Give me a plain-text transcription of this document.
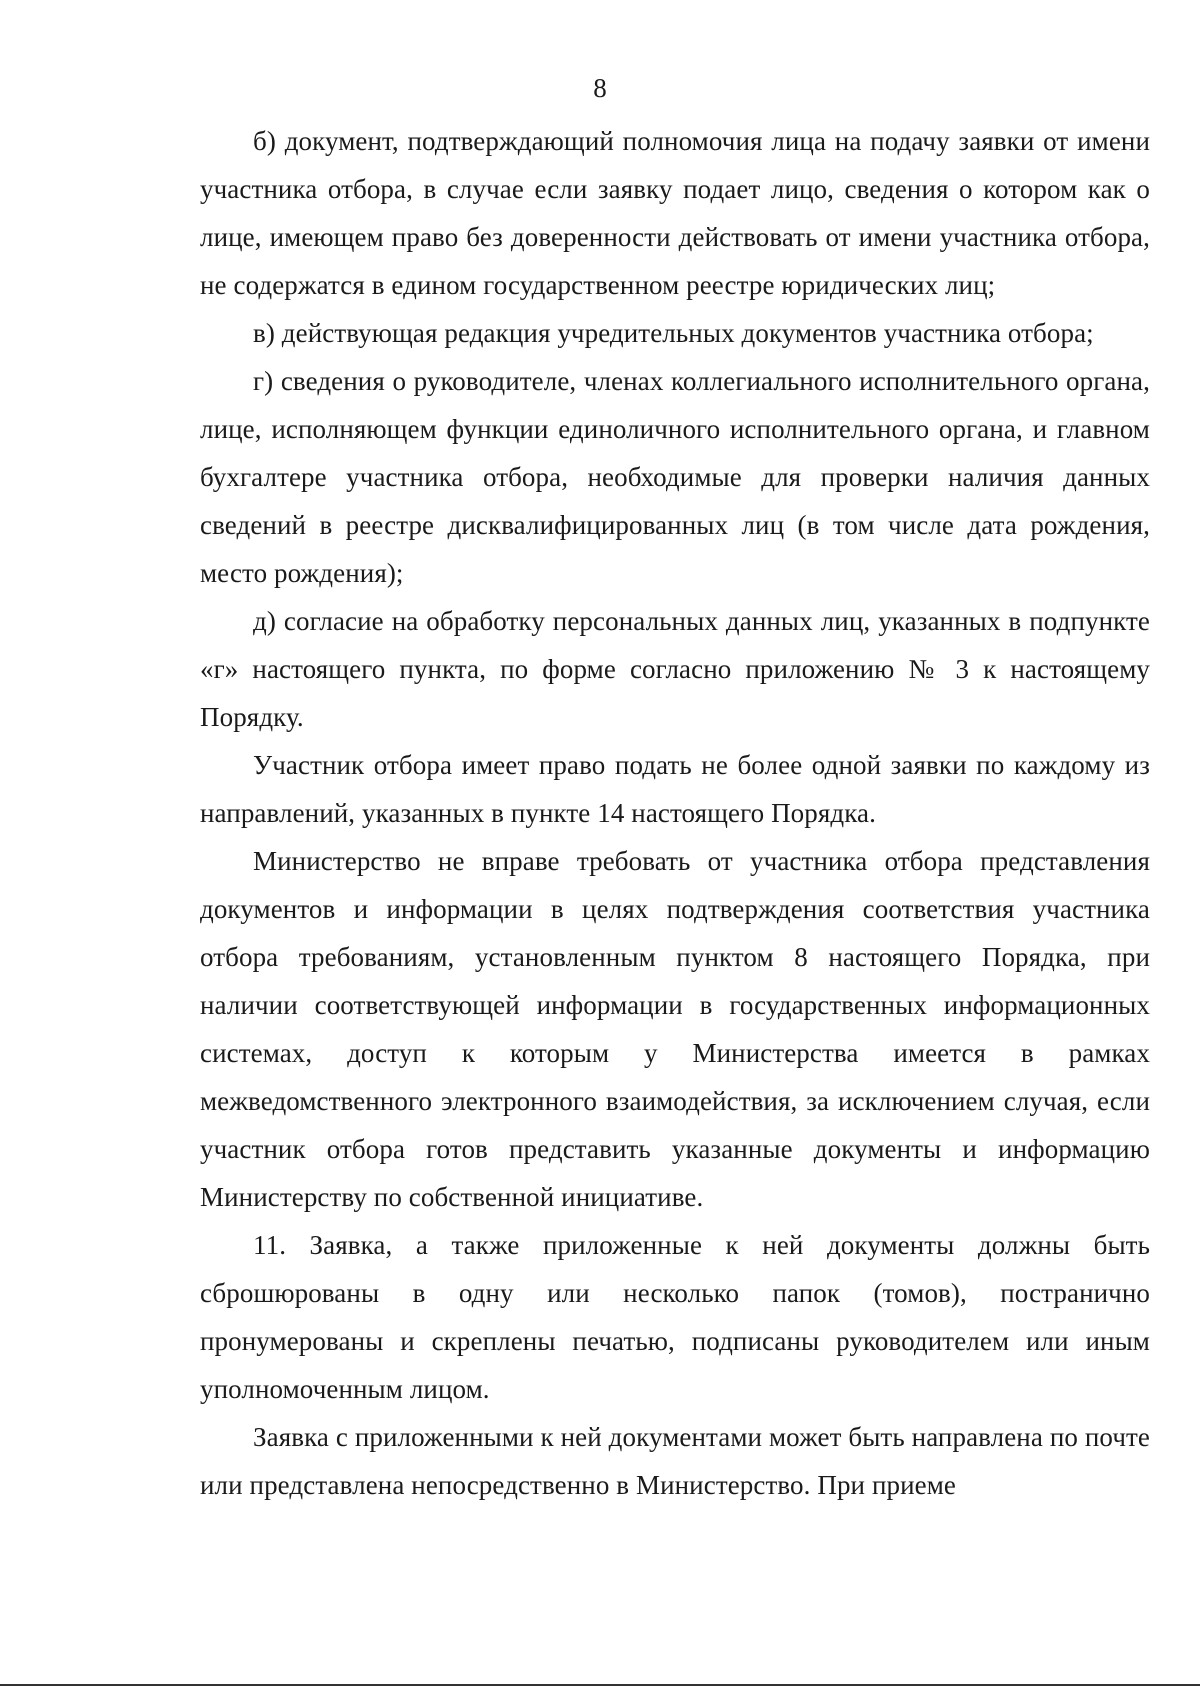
8

б) документ, подтверждающий полномочия лица на подачу заявки от имени участника отбора, в случае если заявку подает лицо, сведения о котором как о лице, имеющем право без доверенности действовать от имени участника отбора, не содержатся в едином государственном реестре юридических лиц;

в) действующая редакция учредительных документов участника отбора;

г) сведения о руководителе, членах коллегиального исполнительного органа, лице, исполняющем функции единоличного исполнительного органа, и главном бухгалтере участника отбора, необходимые для проверки наличия данных сведений в реестре дисквалифицированных лиц (в том числе дата рождения, место рождения);

д) согласие на обработку персональных данных лиц, указанных в подпункте «г» настоящего пункта, по форме согласно приложению № 3 к настоящему Порядку.

Участник отбора имеет право подать не более одной заявки по каждому из направлений, указанных в пункте 14 настоящего Порядка.

Министерство не вправе требовать от участника отбора представления документов и информации в целях подтверждения соответствия участника отбора требованиям, установленным пунктом 8 настоящего Порядка, при наличии соответствующей информации в государственных информационных системах, доступ к которым у Министерства имеется в рамках межведомственного электронного взаимодействия, за исключением случая, если участник отбора готов представить указанные документы и информацию Министерству по собственной инициативе.

11. Заявка, а также приложенные к ней документы должны быть сброшюрованы в одну или несколько папок (томов), постранично пронумерованы и скреплены печатью, подписаны руководителем или иным уполномоченным лицом.

Заявка с приложенными к ней документами может быть направлена по почте или представлена непосредственно в Министерство. При приеме
